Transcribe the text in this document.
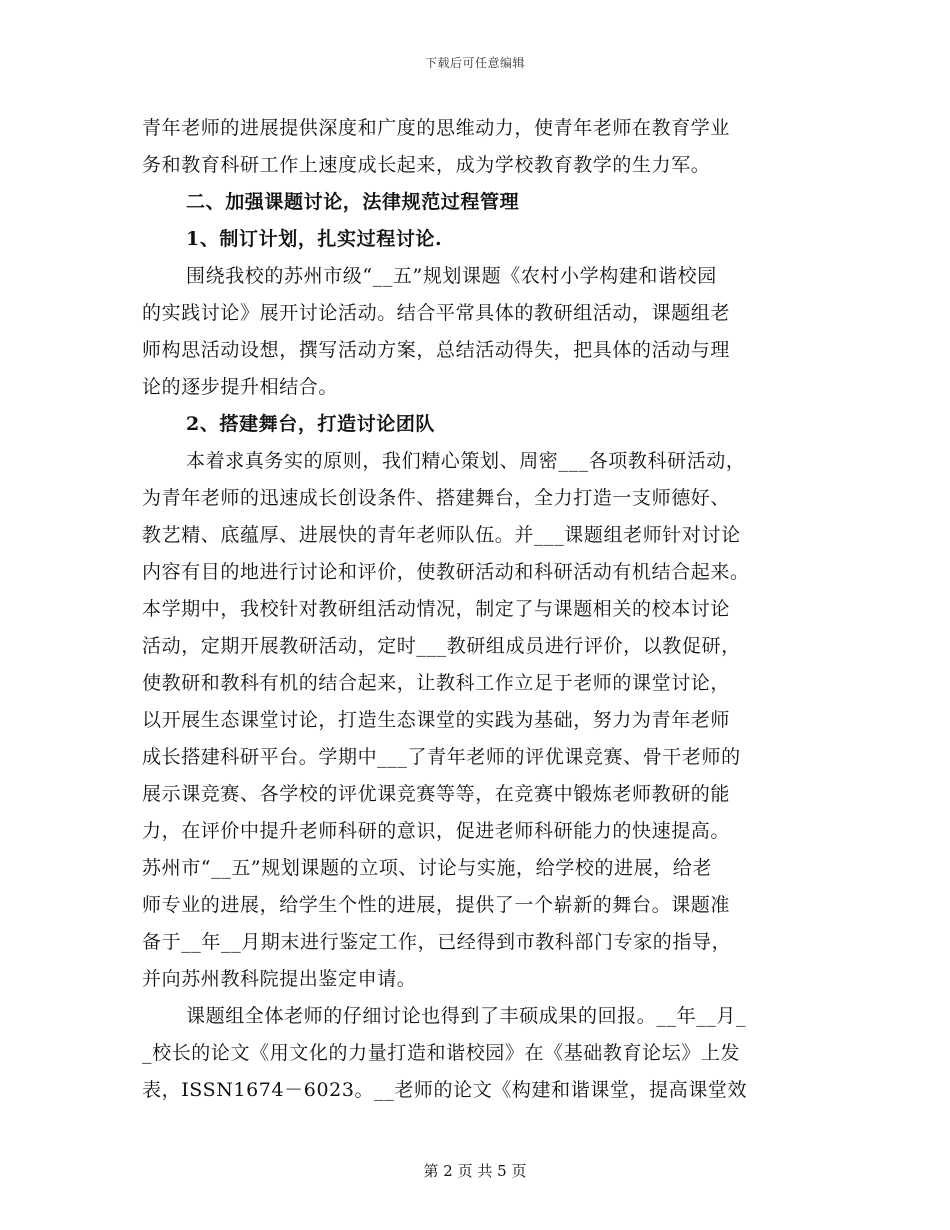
下载后可任意编辑
青年老师的进展提供深度和广度的思维动力，使青年老师在教育学业
务和教育科研工作上速度成长起来，成为学校教育教学的生力军。
二、加强课题讨论，法律规范过程管理
1、制订计划，扎实过程讨论.
围绕我校的苏州市级“__五”规划课题《农村小学构建和谐校园
的实践讨论》展开讨论活动。结合平常具体的教研组活动，课题组老
师构思活动设想，撰写活动方案，总结活动得失，把具体的活动与理
论的逐步提升相结合。
2、搭建舞台，打造讨论团队
本着求真务实的原则，我们精心策划、周密___各项教科研活动，
为青年老师的迅速成长创设条件、搭建舞台，全力打造一支师德好、
教艺精、底蕴厚、进展快的青年老师队伍。并___课题组老师针对讨论
内容有目的地进行讨论和评价，使教研活动和科研活动有机结合起来。
本学期中，我校针对教研组活动情况，制定了与课题相关的校本讨论
活动，定期开展教研活动，定时___教研组成员进行评价，以教促研，
使教研和教科有机的结合起来，让教科工作立足于老师的课堂讨论，
以开展生态课堂讨论，打造生态课堂的实践为基础，努力为青年老师
成长搭建科研平台。学期中___了青年老师的评优课竞赛、骨干老师的
展示课竞赛、各学校的评优课竞赛等等，在竞赛中锻炼老师教研的能
力，在评价中提升老师科研的意识，促进老师科研能力的快速提高。
苏州市“__五”规划课题的立项、讨论与实施，给学校的进展，给老
师专业的进展，给学生个性的进展，提供了一个崭新的舞台。课题准
备于__年__月期末进行鉴定工作，已经得到市教科部门专家的指导，
并向苏州教科院提出鉴定申请。
课题组全体老师的仔细讨论也得到了丰硕成果的回报。__年__月_
_校长的论文《用文化的力量打造和谐校园》在《基础教育论坛》上发
表，ISSN1674－6023。__老师的论文《构建和谐课堂，提高课堂效
第 2 页 共 5 页
